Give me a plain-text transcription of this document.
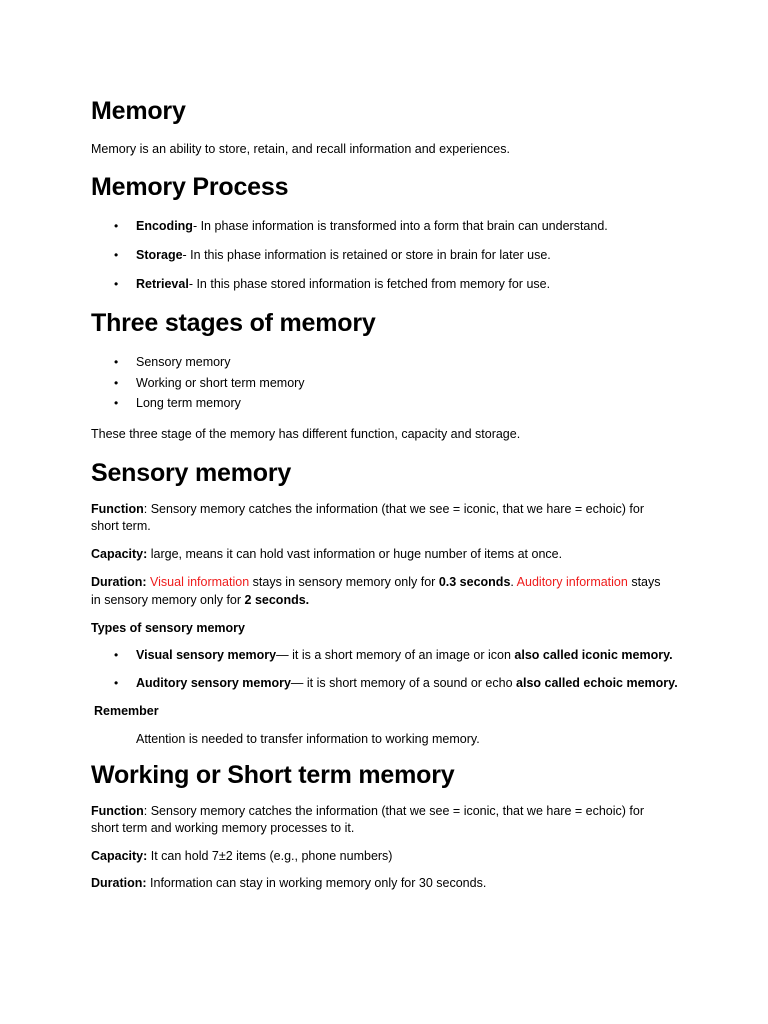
Memory
Memory is an ability to store, retain, and recall information and experiences.
Memory Process
•	Encoding- In phase information is transformed into a form that brain can understand.
•	Storage- In this phase information is retained or store in brain for later use.
•	Retrieval- In this phase stored information is fetched from memory for use.
Three stages of memory
•	Sensory memory
•	Working or short term memory
•	Long term memory
These three stage of the memory has different function, capacity and storage.
Sensory memory
Function: Sensory memory catches the information (that we see = iconic, that we hare = echoic) for
short term.
Capacity: large, means it can hold vast information or huge number of items at once.
Duration: Visual information stays in sensory memory only for 0.3 seconds. Auditory information stays
in sensory memory only for 2 seconds.
Types of sensory memory
•	Visual sensory memory— it is a short memory of an image or icon also called iconic memory.
•	Auditory sensory memory— it is short memory of a sound or echo also called echoic memory.
Remember
Attention is needed to transfer information to working memory.
Working or Short term memory
Function: Sensory memory catches the information (that we see = iconic, that we hare = echoic) for
short term and working memory processes to it.
Capacity: It can hold 7±2 items (e.g., phone numbers)
Duration: Information can stay in working memory only for 30 seconds.
